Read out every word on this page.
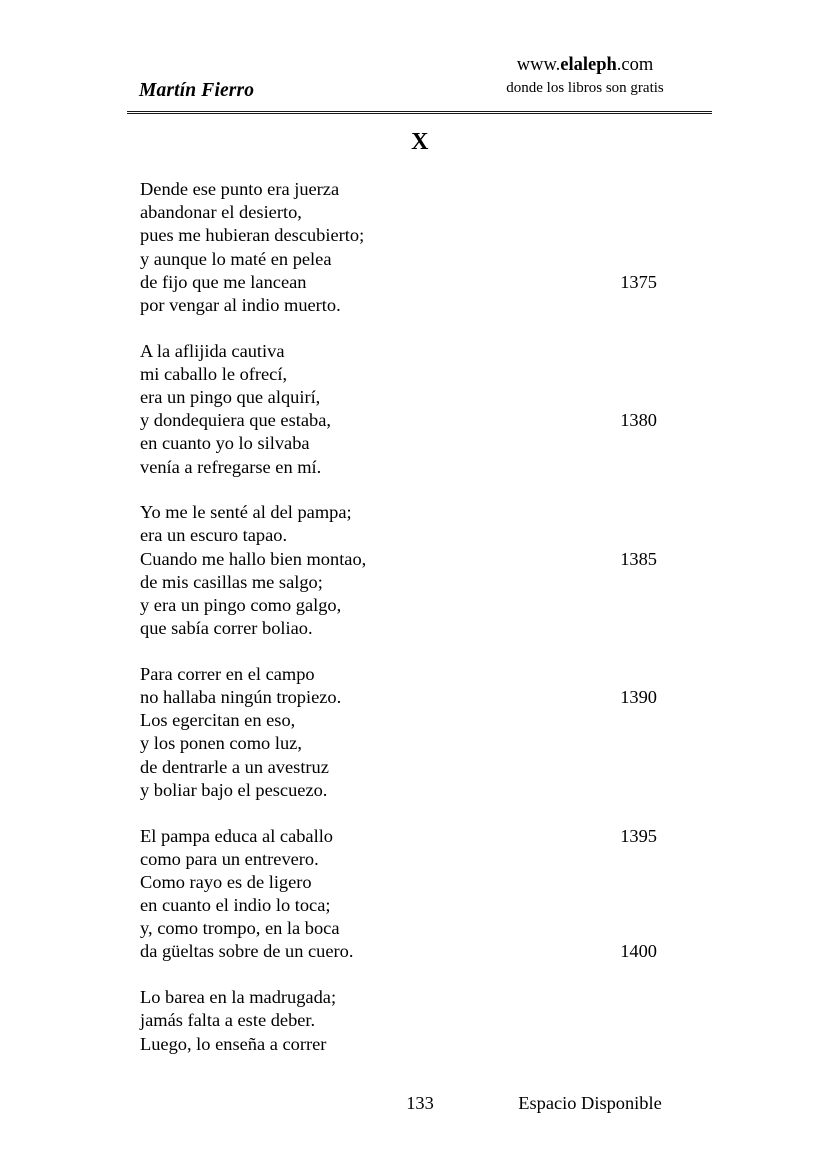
Martín Fierro
www.elaleph.com
donde los libros son gratis
X
Dende ese punto era juerza
abandonar el desierto,
pues me hubieran descubierto;
y aunque lo maté en pelea
de fijo que me lancean	1375
por vengar al indio muerto.
A la aflijida cautiva
mi caballo le ofrecí,
era un pingo que alquirí,
y dondequiera que estaba,	1380
en cuanto yo lo silvaba
venía a refregarse en mí.
Yo me le senté al del pampa;
era un escuro tapao.
Cuando me hallo bien montao,	1385
de mis casillas me salgo;
y era un pingo como galgo,
que sabía correr boliao.
Para correr en el campo
no hallaba ningún tropiezo.	1390
Los egercitan en eso,
y los ponen como luz,
de dentrarle a un avestruz
y boliar bajo el pescuezo.
El pampa educa al caballo	1395
como para un entrevero.
Como rayo es de ligero
en cuanto el indio lo toca;
y, como trompo, en la boca
da güeltas sobre de un cuero.	1400
Lo barea en la madrugada;
jamás falta a este deber.
Luego, lo enseña a correr
133	Espacio Disponible
